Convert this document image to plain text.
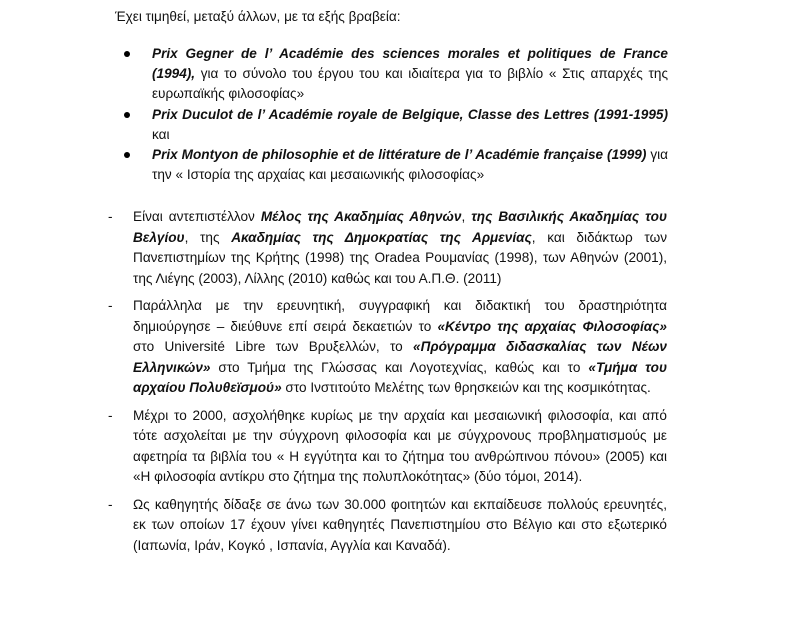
Έχει τιμηθεί, μεταξύ άλλων, με τα εξής βραβεία:

Prix Gegner de l’ Académie des sciences morales et politiques de France (1994), για το σύνολο του έργου του και ιδιαίτερα για το βιβλίο « Στις απαρχές της ευρωπαϊκής φιλοσοφίας»
Prix Duculot de l’ Académie royale de Belgique, Classe des Lettres (1991-1995) και
Prix Montyon de philosophie et de littérature de l’ Académie française (1999) για την « Ιστορία της αρχαίας και μεσαιωνικής φιλοσοφίας»
- Είναι αντεπιστέλλον Μέλος της Ακαδημίας Αθηνών, της Βασιλικής Ακαδημίας του Βελγίου, της Ακαδημίας της Δημοκρατίας της Αρμενίας, και διδάκτωρ των Πανεπιστημίων της Κρήτης (1998) της Oradea Ρουμανίας (1998), των Αθηνών (2001), της Λιέγης (2003), Λίλλης (2010) καθώς και του Α.Π.Θ. (2011)
- Παράλληλα με την ερευνητική, συγγραφική και διδακτική του δραστηριότητα δημιούργησε – διεύθυνε επί σειρά δεκαετιών το «Κέντρο της αρχαίας Φιλοσοφίας» στο Université Libre των Βρυξελλών, το «Πρόγραμμα διδασκαλίας των Νέων Ελληνικών» στο Τμήμα της Γλώσσας και Λογοτεχνίας, καθώς και το «Τμήμα του αρχαίου Πολυθεϊσμού» στο Ινστιτούτο Μελέτης των θρησκειών και της κοσμικότητας.
- Μέχρι το 2000, ασχολήθηκε κυρίως με την αρχαία και μεσαιωνική φιλοσοφία, και από τότε ασχολείται με την σύγχρονη φιλοσοφία και με σύγχρονους προβληματισμούς με αφετηρία τα βιβλία του « Η εγγύτητα και το ζήτημα του ανθρώπινου πόνου» (2005) και «Η φιλοσοφία αντίκρυ στο ζήτημα της πολυπλοκότητας» (δύο τόμοι, 2014).
- Ως καθηγητής δίδαξε σε άνω των 30.000 φοιτητών και εκπαίδευσε πολλούς ερευνητές, εκ των οποίων 17 έχουν γίνει καθηγητές Πανεπιστημίου στο Βέλγιο και στο εξωτερικό (Ιαπωνία, Ιράν, Κογκό , Ισπανία, Αγγλία και Καναδά).
